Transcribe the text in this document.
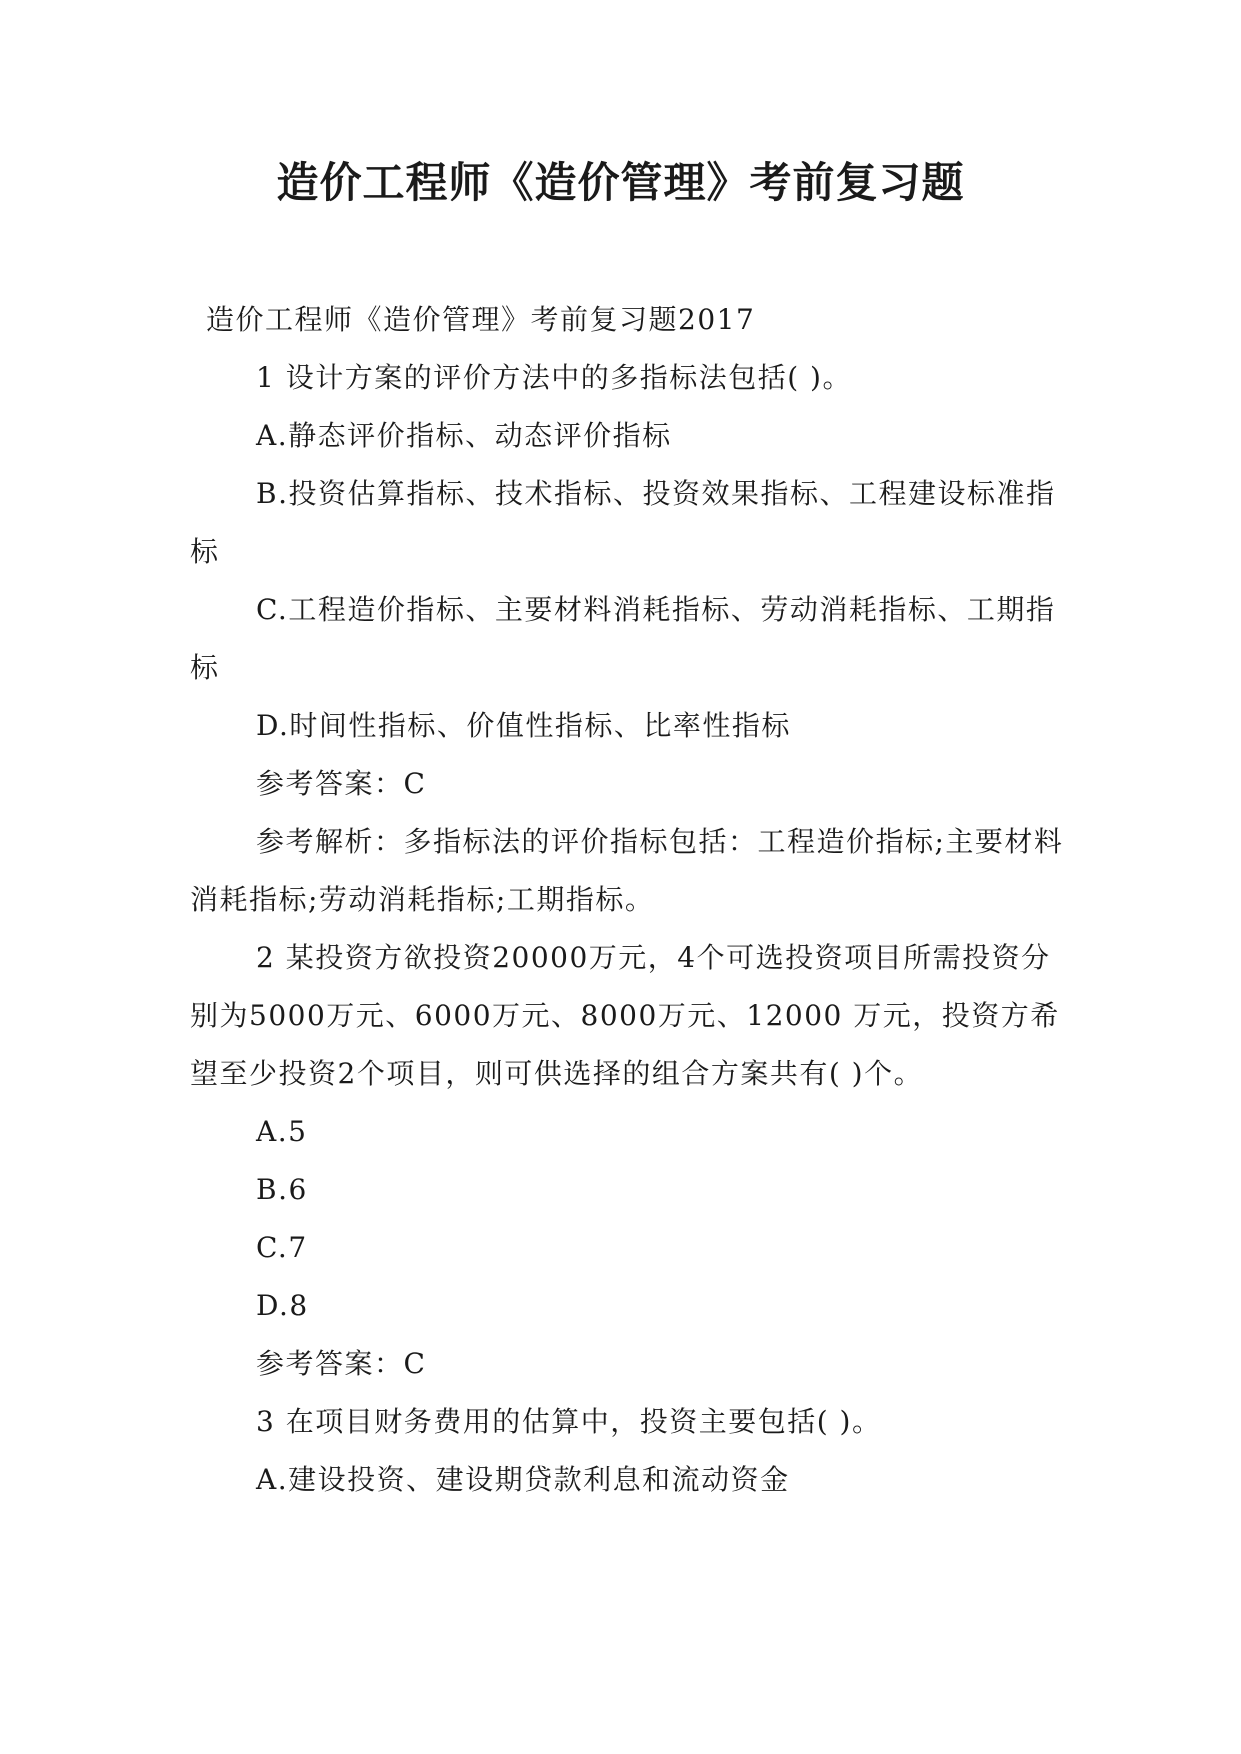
造价工程师《造价管理》考前复习题

造价工程师《造价管理》考前复习题2017

1 设计方案的评价方法中的多指标法包括( )。

A.静态评价指标、动态评价指标

B.投资估算指标、技术指标、投资效果指标、工程建设标准指标

C.工程造价指标、主要材料消耗指标、劳动消耗指标、工期指标

D.时间性指标、价值性指标、比率性指标

参考答案：C

参考解析：多指标法的评价指标包括：工程造价指标;主要材料消耗指标;劳动消耗指标;工期指标。

2 某投资方欲投资20000万元，4个可选投资项目所需投资分别为5000万元、6000万元、8000万元、12000 万元，投资方希望至少投资2个项目，则可供选择的组合方案共有( )个。

A.5

B.6

C.7

D.8

参考答案：C

3 在项目财务费用的估算中，投资主要包括( )。

A.建设投资、建设期贷款利息和流动资金
